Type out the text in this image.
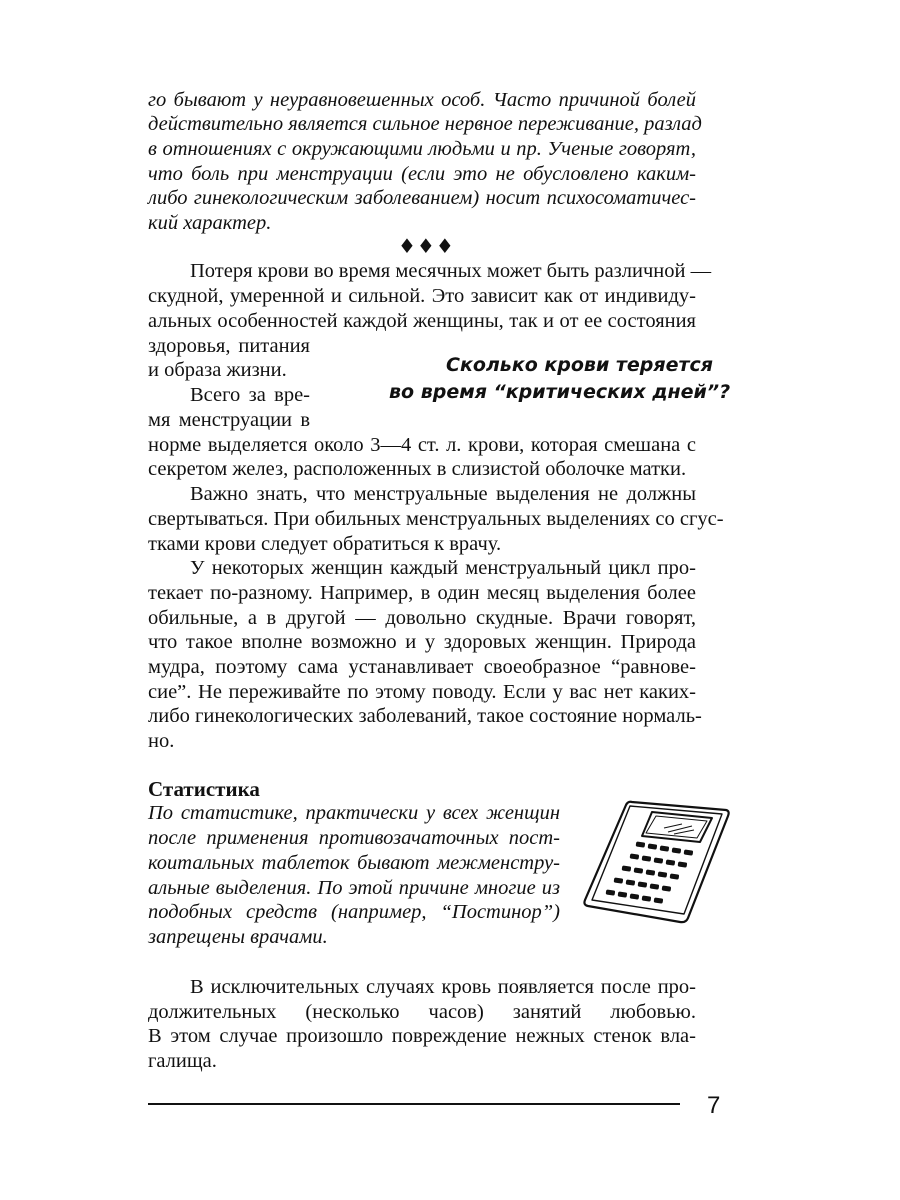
го бывают у неуравновешенных особ. Часто причиной болей
действительно является сильное нервное переживание, разлад
в отношениях с окружающими людьми и пр. Ученые говорят,
что боль при менструации (если это не обусловлено каким-
либо гинекологическим заболеванием) носит психосоматичес-
кий характер.
♦♦♦
Потеря крови во время месячных может быть различной —
скудной, умеренной и сильной. Это зависит как от индивиду-
альных особенностей каждой женщины, так и от ее состояния
здоровья, питания
и образа жизни.	Сколько крови теряется
во время “критических дней”?
Всего за вре-
мя менструации в
норме выделяется около 3—4 ст. л. крови, которая смешана с
секретом желез, расположенных в слизистой оболочке матки.
Важно знать, что менструальные выделения не должны
свертываться. При обильных менструальных выделениях со сгус-
тками крови следует обратиться к врачу.
У некоторых женщин каждый менструальный цикл про-
текает по-разному. Например, в один месяц выделения более
обильные, а в другой — довольно скудные. Врачи говорят,
что такое вполне возможно и у здоровых женщин. Природа
мудра, поэтому сама устанавливает своеобразное “равнове-
сие”. Не переживайте по этому поводу. Если у вас нет каких-
либо гинекологических заболеваний, такое состояние нормаль-
но.
Статистика
По статистике, практически у всех женщин
после применения противозачаточных пост-
коитальных таблеток бывают межменстру-
альные выделения. По этой причине многие из
подобных средств (например, “Постинор”)
запрещены врачами.
В исключительных случаях кровь появляется после про-
должительных (несколько часов) занятий любовью.
В этом случае произошло повреждение нежных стенок вла-
галища.
7
